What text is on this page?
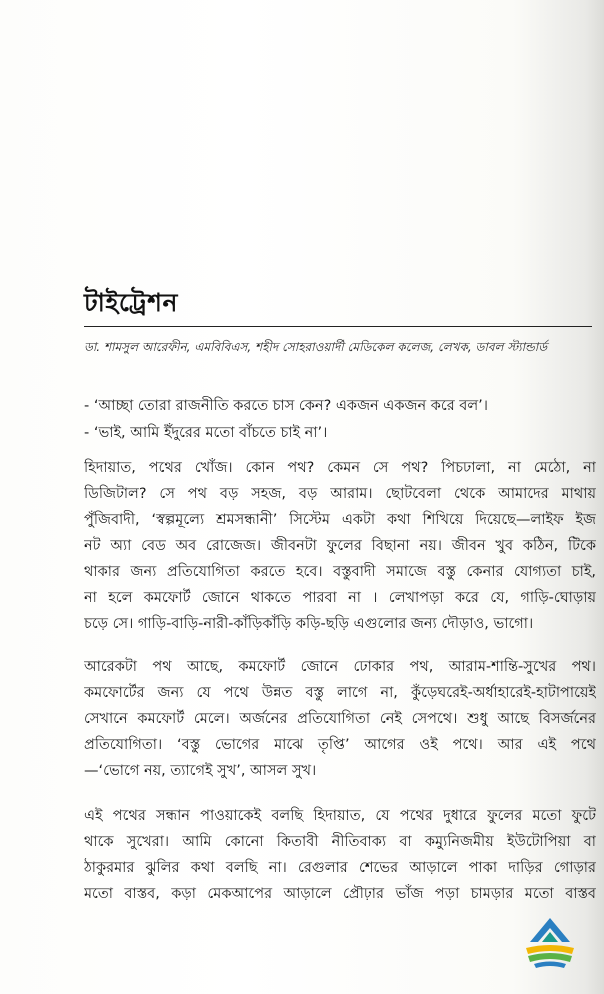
টাইট্রেশন
ডা. শামসুল আরেফীন, এমবিবিএস, শহীদ সোহরাওয়ার্দী মেডিকেল কলেজ, লেখক, ডাবল স্ট্যান্ডার্ড
- ‘আচ্ছা তোরা রাজনীতি করতে চাস কেন? একজন একজন করে বল’।
- ‘ভাই, আমি ইঁদুরের মতো বাঁচতে চাই না’।
হিদায়াত, পথের খোঁজ। কোন পথ? কেমন সে পথ? পিচঢালা, না মেঠো, না
ডিজিটাল? সে পথ বড় সহজ, বড় আরাম। ছোটবেলা থেকে আমাদের মাথায়
পুঁজিবাদী, ‘স্বল্পমূল্যে শ্রমসন্ধানী’ সিস্টেম একটা কথা শিখিয়ে দিয়েছে—লাইফ ইজ
নট অ্যা বেড অব রোজেজ। জীবনটা ফুলের বিছানা নয়। জীবন খুব কঠিন, টিকে
থাকার জন্য প্রতিযোগিতা করতে হবে। বস্তুবাদী সমাজে বস্তু কেনার যোগ্যতা চাই,
না হলে কমফোর্ট জোনে থাকতে পারবা না । লেখাপড়া করে যে, গাড়ি-ঘোড়ায়
চড়ে সে। গাড়ি-বাড়ি-নারী-কাঁড়িকাঁড়ি কড়ি-ছড়ি এগুলোর জন্য দৌড়াও, ভাগো।
আরেকটা পথ আছে, কমফোর্ট জোনে ঢোকার পথ, আরাম-শান্তি-সুখের পথ।
কমফোর্টের জন্য যে পথে উন্নত বস্তু লাগে না, কুঁড়েঘরেই-অর্ধাহারেই-হাটাপায়েই
সেখানে কমফোর্ট মেলে। অর্জনের প্রতিযোগিতা নেই সেপথে। শুধু আছে বিসর্জনের
প্রতিযোগিতা। ‘বস্তু ভোগের মাঝে তৃপ্তি’ আগের ওই পথে। আর এই পথে
—‘ভোগে নয়, ত্যাগেই সুখ’, আসল সুখ।
এই পথের সন্ধান পাওয়াকেই বলছি হিদায়াত, যে পথের দুধারে ফুলের মতো ফুটে
থাকে সুখেরা। আমি কোনো কিতাবী নীতিবাক্য বা কম্যুনিজমীয় ইউটোপিয়া বা
ঠাকুরমার ঝুলির কথা বলছি না। রেগুলার শেভের আড়ালে পাকা দাড়ির গোড়ার
মতো বাস্তব, কড়া মেকআপের আড়ালে প্রৌঢ়ার ভাঁজ পড়া চামড়ার মতো বাস্তব
